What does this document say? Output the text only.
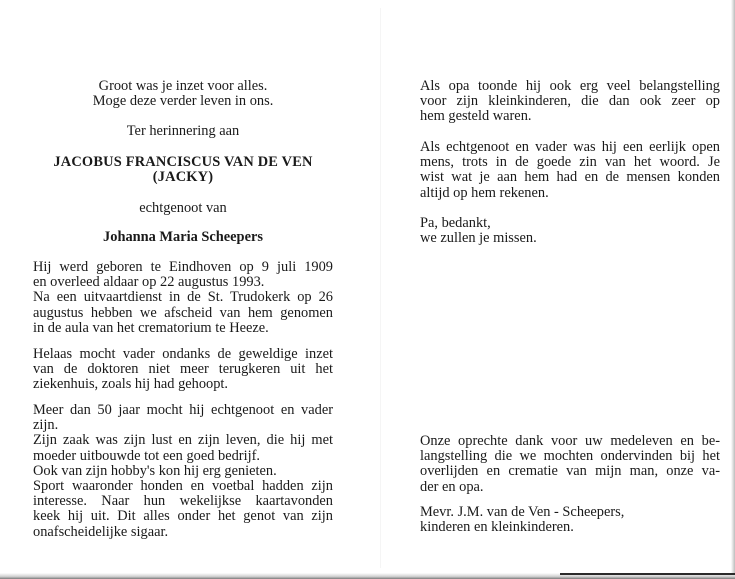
Groot was je inzet voor alles.
Moge deze verder leven in ons.
Ter herinnering aan
JACOBUS FRANCISCUS VAN DE VEN
(JACKY)
echtgenoot van
Johanna Maria Scheepers
Hij werd geboren te Eindhoven op 9 juli 1909
en overleed aldaar op 22 augustus 1993.
Na een uitvaartdienst in de St. Trudokerk op 26
augustus hebben we afscheid van hem genomen
in de aula van het crematorium te Heeze.
Helaas mocht vader ondanks de geweldige inzet
van de doktoren niet meer terugkeren uit het
ziekenhuis, zoals hij had gehoopt.
Meer dan 50 jaar mocht hij echtgenoot en vader
zijn.
Zijn zaak was zijn lust en zijn leven, die hij met
moeder uitbouwde tot een goed bedrijf.
Ook van zijn hobby's kon hij erg genieten.
Sport waaronder honden en voetbal hadden zijn
interesse. Naar hun wekelijkse kaartavonden
keek hij uit. Dit alles onder het genot van zijn
onafscheidelijke sigaar.
Als opa toonde hij ook erg veel belangstelling
voor zijn kleinkinderen, die dan ook zeer op
hem gesteld waren.
Als echtgenoot en vader was hij een eerlijk open
mens, trots in de goede zin van het woord. Je
wist wat je aan hem had en de mensen konden
altijd op hem rekenen.
Pa, bedankt,
we zullen je missen.
Onze oprechte dank voor uw medeleven en be-
langstelling die we mochten ondervinden bij het
overlijden en crematie van mijn man, onze va-
der en opa.
Mevr. J.M. van de Ven - Scheepers,
kinderen en kleinkinderen.
